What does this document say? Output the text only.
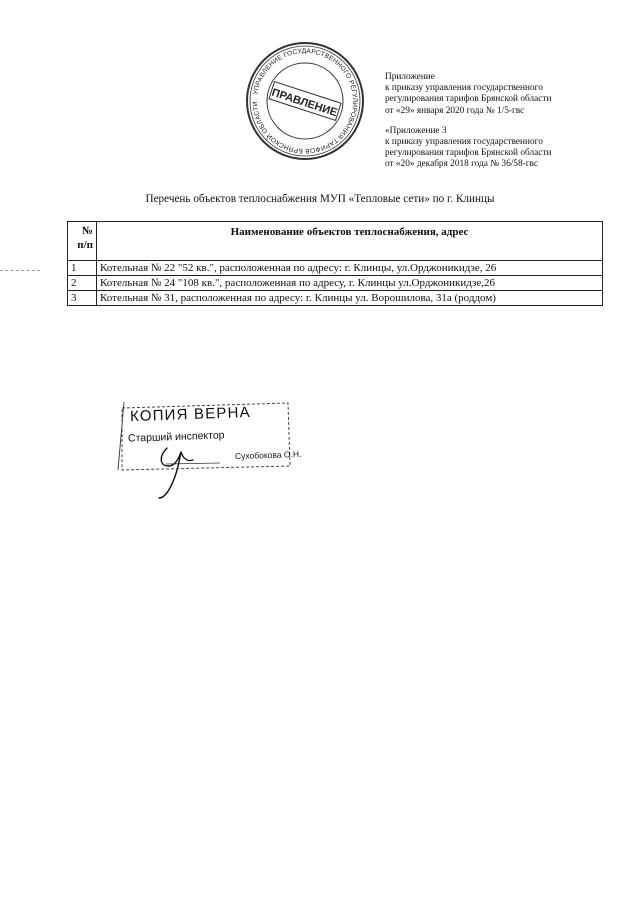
УПРАВЛЕНИЕ ГОСУДАРСТВЕННОГО РЕГУЛИРОВАНИЯ ТАРИФОВ БРЯНСКОЙ ОБЛАСТИ ПРАВЛЕНИЕ
Приложение
к приказу управления государственного
регулирования тарифов Брянской области
от «29» января 2020 года № 1/5-гвс
«Приложение 3
к приказу управления государственного
регулирования тарифов Брянской области
от «20» декабря 2018 года № 36/58-гвс
Перечень объектов теплоснабжения МУП «Тепловые сети» по г. Клинцы
№
п/п	Наименование объектов теплоснабжения, адрес
1	Котельная № 22 "52 кв.", расположенная по адресу: г. Клинцы, ул.Орджоникидзе, 26
2	Котельная № 24 "108 кв.", расположенная по адресу, г. Клинцы ул.Орджоникидзе,26
3	Котельная № 31, расположенная по адресу: г. Клинцы ул. Ворошилова, 31а (роддом)
КОПИЯ ВЕРНА
Старший инспектор
Сухобокова О.Н.
